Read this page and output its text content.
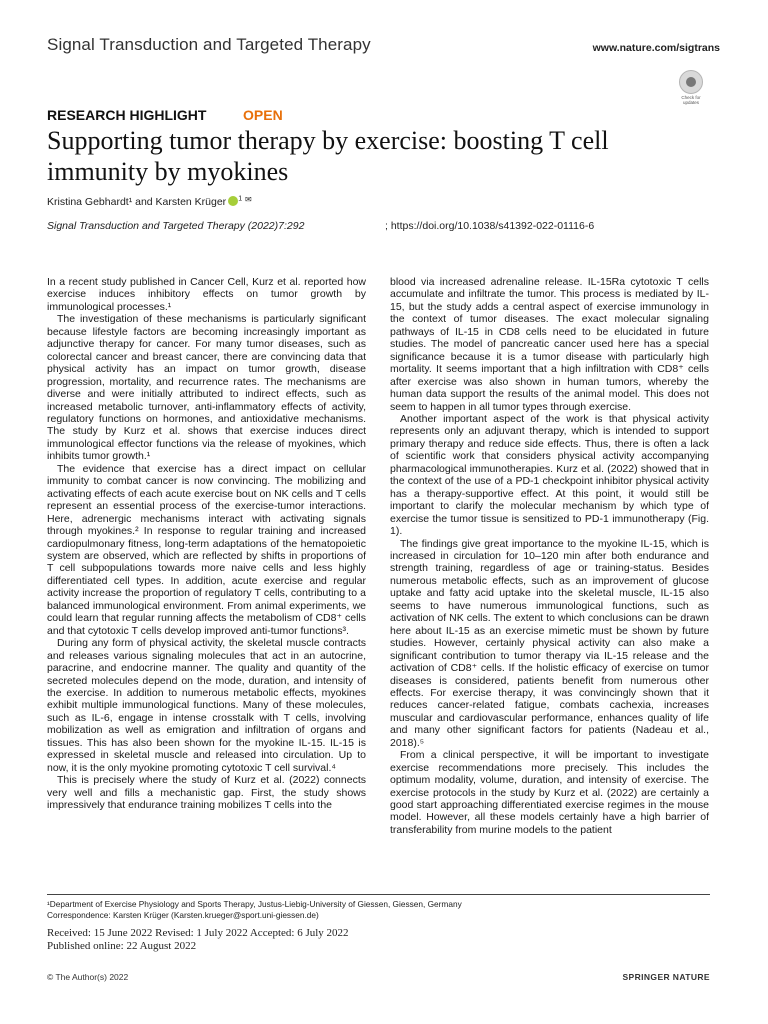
Signal Transduction and Targeted Therapy	www.nature.com/sigtrans
Check for updates
RESEARCH HIGHLIGHT	OPEN
Supporting tumor therapy by exercise: boosting T cell immunity by myokines
Kristina Gebhardt¹ and Karsten Krüger $^1$ ✉
Signal Transduction and Targeted Therapy (2022)7:292	; https://doi.org/10.1038/s41392-022-01116-6

In a recent study published in Cancer Cell, Kurz et al. reported how exercise induces inhibitory effects on tumor growth by immunological processes.¹

The investigation of these mechanisms is particularly significant because lifestyle factors are becoming increasingly important as adjunctive therapy for cancer. For many tumor diseases, such as colorectal cancer and breast cancer, there are convincing data that physical activity has an impact on tumor growth, disease progression, mortality, and recurrence rates. The mechanisms are diverse and were initially attributed to indirect effects, such as increased metabolic turnover, anti-inflammatory effects of activity, regulatory functions on hormones, and antioxidative mechanisms. The study by Kurz et al. shows that exercise induces direct immunological effector functions via the release of myokines, which inhibits tumor growth.¹

The evidence that exercise has a direct impact on cellular immunity to combat cancer is now convincing. The mobilizing and activating effects of each acute exercise bout on NK cells and T cells represent an essential process of the exercise-tumor interactions. Here, adrenergic mechanisms interact with activating signals through myokines.² In response to regular training and increased cardiopulmonary fitness, long-term adaptations of the hematopoietic system are observed, which are reflected by shifts in proportions of T cell subpopulations towards more naive cells and less highly differentiated cell types. In addition, acute exercise and regular activity increase the proportion of regulatory T cells, contributing to a balanced immunological environment. From animal experiments, we could learn that regular running affects the metabolism of CD8⁺ cells and that cytotoxic T cells develop improved anti-tumor functions³.

During any form of physical activity, the skeletal muscle contracts and releases various signaling molecules that act in an autocrine, paracrine, and endocrine manner. The quality and quantity of the secreted molecules depend on the mode, duration, and intensity of the exercise. In addition to numerous metabolic effects, myokines exhibit multiple immunological functions. Many of these molecules, such as IL-6, engage in intense crosstalk with T cells, involving mobilization as well as emigration and infiltration of organs and tissues. This has also been shown for the myokine IL-15. IL-15 is expressed in skeletal muscle and released into circulation. Up to now, it is the only myokine promoting cytotoxic T cell survival.⁴

This is precisely where the study of Kurz et al. (2022) connects very well and fills a mechanistic gap. First, the study shows impressively that endurance training mobilizes T cells into the

blood via increased adrenaline release. IL-15Ra cytotoxic T cells accumulate and infiltrate the tumor. This process is mediated by IL-15, but the study adds a central aspect of exercise immunology in the context of tumor diseases. The exact molecular signaling pathways of IL-15 in CD8 cells need to be elucidated in future studies. The model of pancreatic cancer used here has a special significance because it is a tumor disease with particularly high mortality. It seems important that a high infiltration with CD8⁺ cells after exercise was also shown in human tumors, whereby the human data support the results of the animal model. This does not seem to happen in all tumor types through exercise.

Another important aspect of the work is that physical activity represents only an adjuvant therapy, which is intended to support primary therapy and reduce side effects. Thus, there is often a lack of scientific work that considers physical activity accompanying pharmacological immunotherapies. Kurz et al. (2022) showed that in the context of the use of a PD-1 checkpoint inhibitor physical activity has a therapy-supportive effect. At this point, it would still be important to clarify the molecular mechanism by which type of exercise the tumor tissue is sensitized to PD-1 immunotherapy (Fig. 1).

The findings give great importance to the myokine IL-15, which is increased in circulation for 10–120 min after both endurance and strength training, regardless of age or training-status. Besides numerous metabolic effects, such as an improvement of glucose uptake and fatty acid uptake into the skeletal muscle, IL-15 also seems to have numerous immunological functions, such as activation of NK cells. The extent to which conclusions can be drawn here about IL-15 as an exercise mimetic must be shown by future studies. However, certainly physical activity can also make a significant contribution to tumor therapy via IL-15 release and the activation of CD8⁺ cells. If the holistic efficacy of exercise on tumor diseases is considered, patients benefit from numerous other effects. For exercise therapy, it was convincingly shown that it reduces cancer-related fatigue, combats cachexia, increases muscular and cardiovascular performance, enhances quality of life and many other significant factors for patients (Nadeau et al., 2018).⁵

From a clinical perspective, it will be important to investigate exercise recommendations more precisely. This includes the optimum modality, volume, duration, and intensity of exercise. The exercise protocols in the study by Kurz et al. (2022) are certainly a good start approaching differentiated exercise regimes in the mouse model. However, all these models certainly have a high barrier of transferability from murine models to the patient

¹Department of Exercise Physiology and Sports Therapy, Justus-Liebig-University of Giessen, Giessen, Germany
Correspondence: Karsten Krüger (Karsten.krueger@sport.uni-giessen.de)
Received: 15 June 2022 Revised: 1 July 2022 Accepted: 6 July 2022
Published online: 22 August 2022
© The Author(s) 2022	SPRINGER NATURE
